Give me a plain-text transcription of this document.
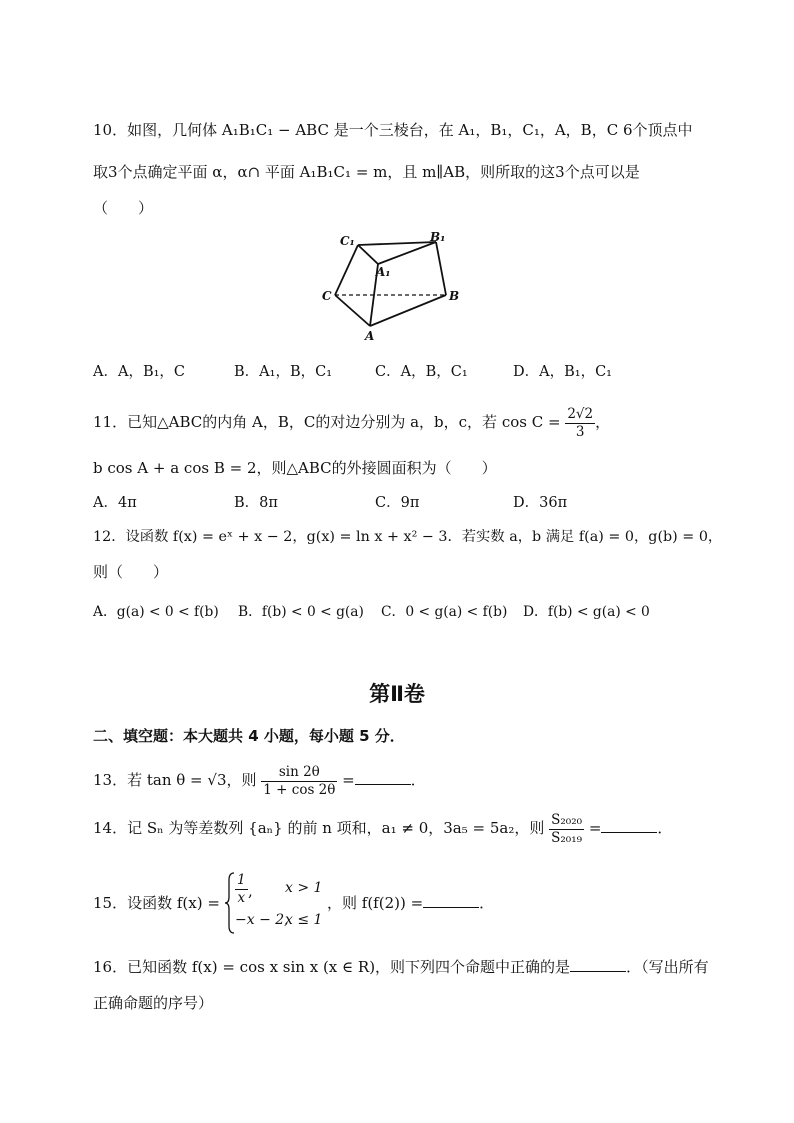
10．如图，几何体 A₁B₁C₁ − ABC 是一个三棱台，在 A₁，B₁，C₁，A，B，C 6个顶点中
取3个点确定平面 α，α∩ 平面 A₁B₁C₁ = m，且 m∥AB，则所取的这3个点可以是
（　　）
C₁	B₁
A₁
C	B
A
A．A，B₁，C	B．A₁，B，C₁	C．A，B，C₁	D．A，B₁，C₁
11．已知△ABC的内角 A，B，C的对边分别为 a，b，c，若 $\cos C = \frac{2√2}{3}$ ，
b cos A + a cos B = 2，则△ABC的外接圆面积为（　　）
A．4π	B．8π	C．9π	D．36π
12．设函数 f(x) = eˣ + x − 2，g(x) = ln x + x² − 3．若实数 a，b 满足 f(a) = 0，g(b) = 0，
则（　　）
A．g(a) < 0 < f(b) B．f(b) < 0 < g(a) C．0 < g(a) < f(b) D．f(b) < g(a) < 0
第Ⅱ卷
二、填空题：本大题共 4 小题，每小题 5 分．
13．若 tan θ = √3，则 $\frac{\sin 2\theta}{1 + \cos 2\theta}$ =	．
14．记 Sₙ 为等差数列 {aₙ} 的前 n 项和，a₁ ≠ 0，3a₅ = 5a₂，则 $\frac{\text{S₂₀₂₀}}{\text{S₂₀₁₉}}$ =	．
15．设函数 $f(x) = \frac{1}{x}$ , x > 1
−x − 2,
x ≤ 1
，则 f(f(2)) =	．
16．已知函数 f(x) = cos x sin x (x ∈ R)，则下列四个命题中正确的是	．（写出所有
正确命题的序号）
